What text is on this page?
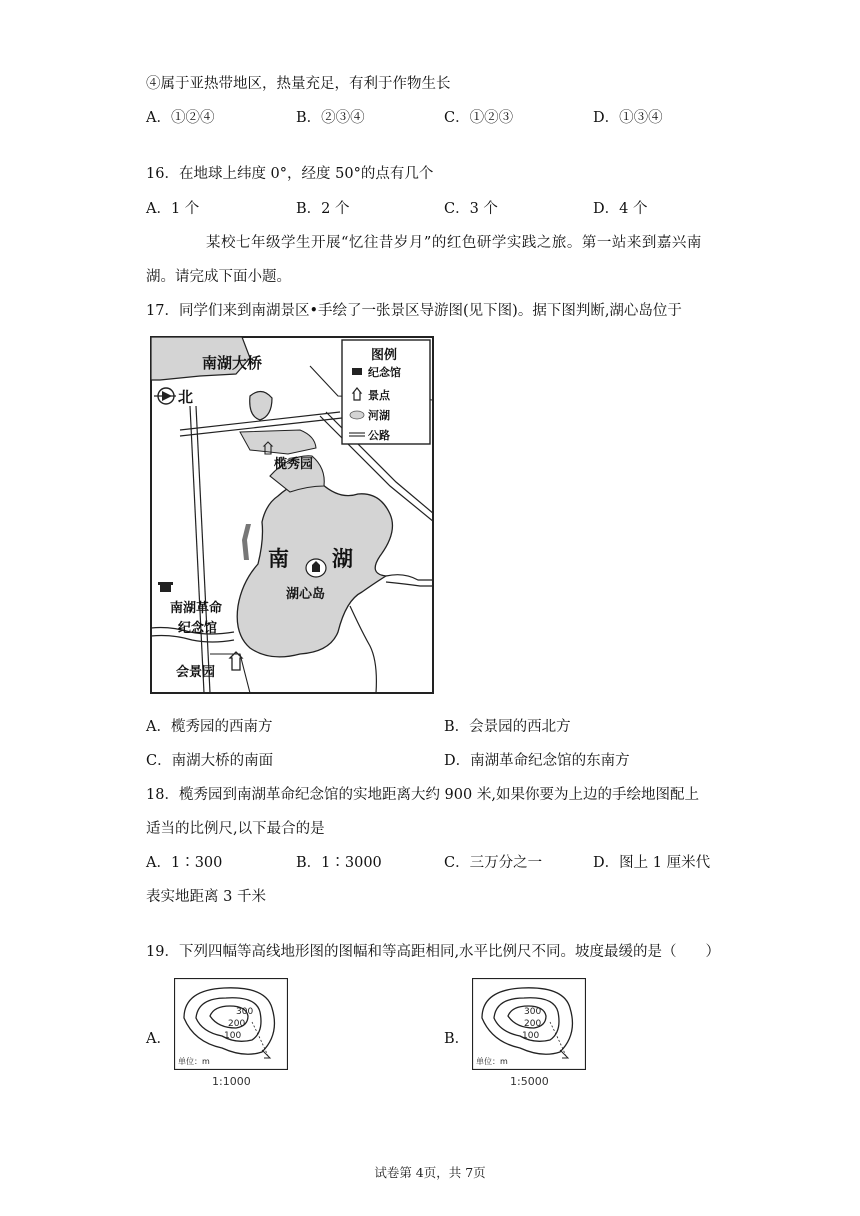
④属于亚热带地区，热量充足，有利于作物生长
A．①②④	B．②③④	C．①②③	D．①③④
16．在地球上纬度 0°，经度 50°的点有几个
A．1 个	B．2 个	C．3 个	D．4 个
某校七年级学生开展“忆往昔岁月”的红色研学实践之旅。第一站来到嘉兴南
湖。请完成下面小题。
17．同学们来到南湖景区•手绘了一张景区导游图(见下图)。据下图判断,湖心岛位于
图例
纪念馆
景点
河湖
公路
南湖大桥
北
榄秀园
南 湖
湖心岛
南湖革命
纪念馆
会景园
A．榄秀园的西南方	B．会景园的西北方
C．南湖大桥的南面	D．南湖革命纪念馆的东南方
18．榄秀园到南湖革命纪念馆的实地距离大约 900 米,如果你要为上边的手绘地图配上
适当的比例尺,以下最合的是
A．1∶300	B．1∶3000	C．三万分之一	D．图上 1 厘米代
表实地距离 3 千米
19．下列四幅等高线地形图的图幅和等高距相同,水平比例尺不同。坡度最缓的是（　　）
A．
300
200
100
单位：m
1:1000
B．
300
200
100
单位：m
1:5000
试卷第 4页，共 7页
